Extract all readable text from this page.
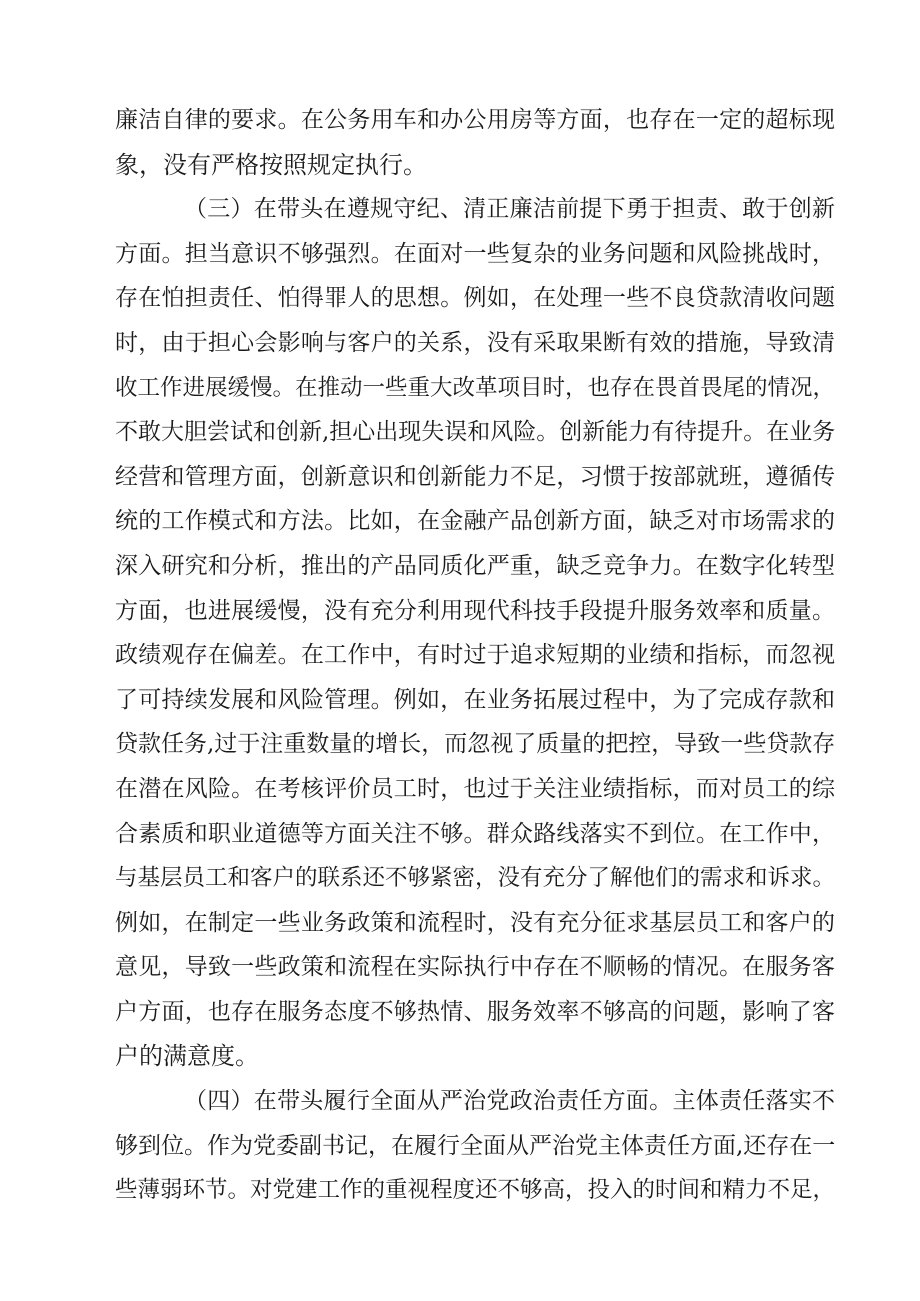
廉洁自律的要求。在公务用车和办公用房等方面，也存在一定的超标现
象，没有严格按照规定执行。
（三）在带头在遵规守纪、清正廉洁前提下勇于担责、敢于创新
方面。担当意识不够强烈。在面对一些复杂的业务问题和风险挑战时，
存在怕担责任、怕得罪人的思想。例如，在处理一些不良贷款清收问题
时，由于担心会影响与客户的关系，没有采取果断有效的措施，导致清
收工作进展缓慢。在推动一些重大改革项目时，也存在畏首畏尾的情况，
不敢大胆尝试和创新,担心出现失误和风险。创新能力有待提升。在业务
经营和管理方面，创新意识和创新能力不足，习惯于按部就班，遵循传
统的工作模式和方法。比如，在金融产品创新方面，缺乏对市场需求的
深入研究和分析，推出的产品同质化严重，缺乏竞争力。在数字化转型
方面，也进展缓慢，没有充分利用现代科技手段提升服务效率和质量。
政绩观存在偏差。在工作中，有时过于追求短期的业绩和指标，而忽视
了可持续发展和风险管理。例如，在业务拓展过程中，为了完成存款和
贷款任务,过于注重数量的增长，而忽视了质量的把控，导致一些贷款存
在潜在风险。在考核评价员工时，也过于关注业绩指标，而对员工的综
合素质和职业道德等方面关注不够。群众路线落实不到位。在工作中，
与基层员工和客户的联系还不够紧密，没有充分了解他们的需求和诉求。
例如，在制定一些业务政策和流程时，没有充分征求基层员工和客户的
意见，导致一些政策和流程在实际执行中存在不顺畅的情况。在服务客
户方面，也存在服务态度不够热情、服务效率不够高的问题，影响了客
户的满意度。
（四）在带头履行全面从严治党政治责任方面。主体责任落实不
够到位。作为党委副书记，在履行全面从严治党主体责任方面,还存在一
些薄弱环节。对党建工作的重视程度还不够高，投入的时间和精力不足，
